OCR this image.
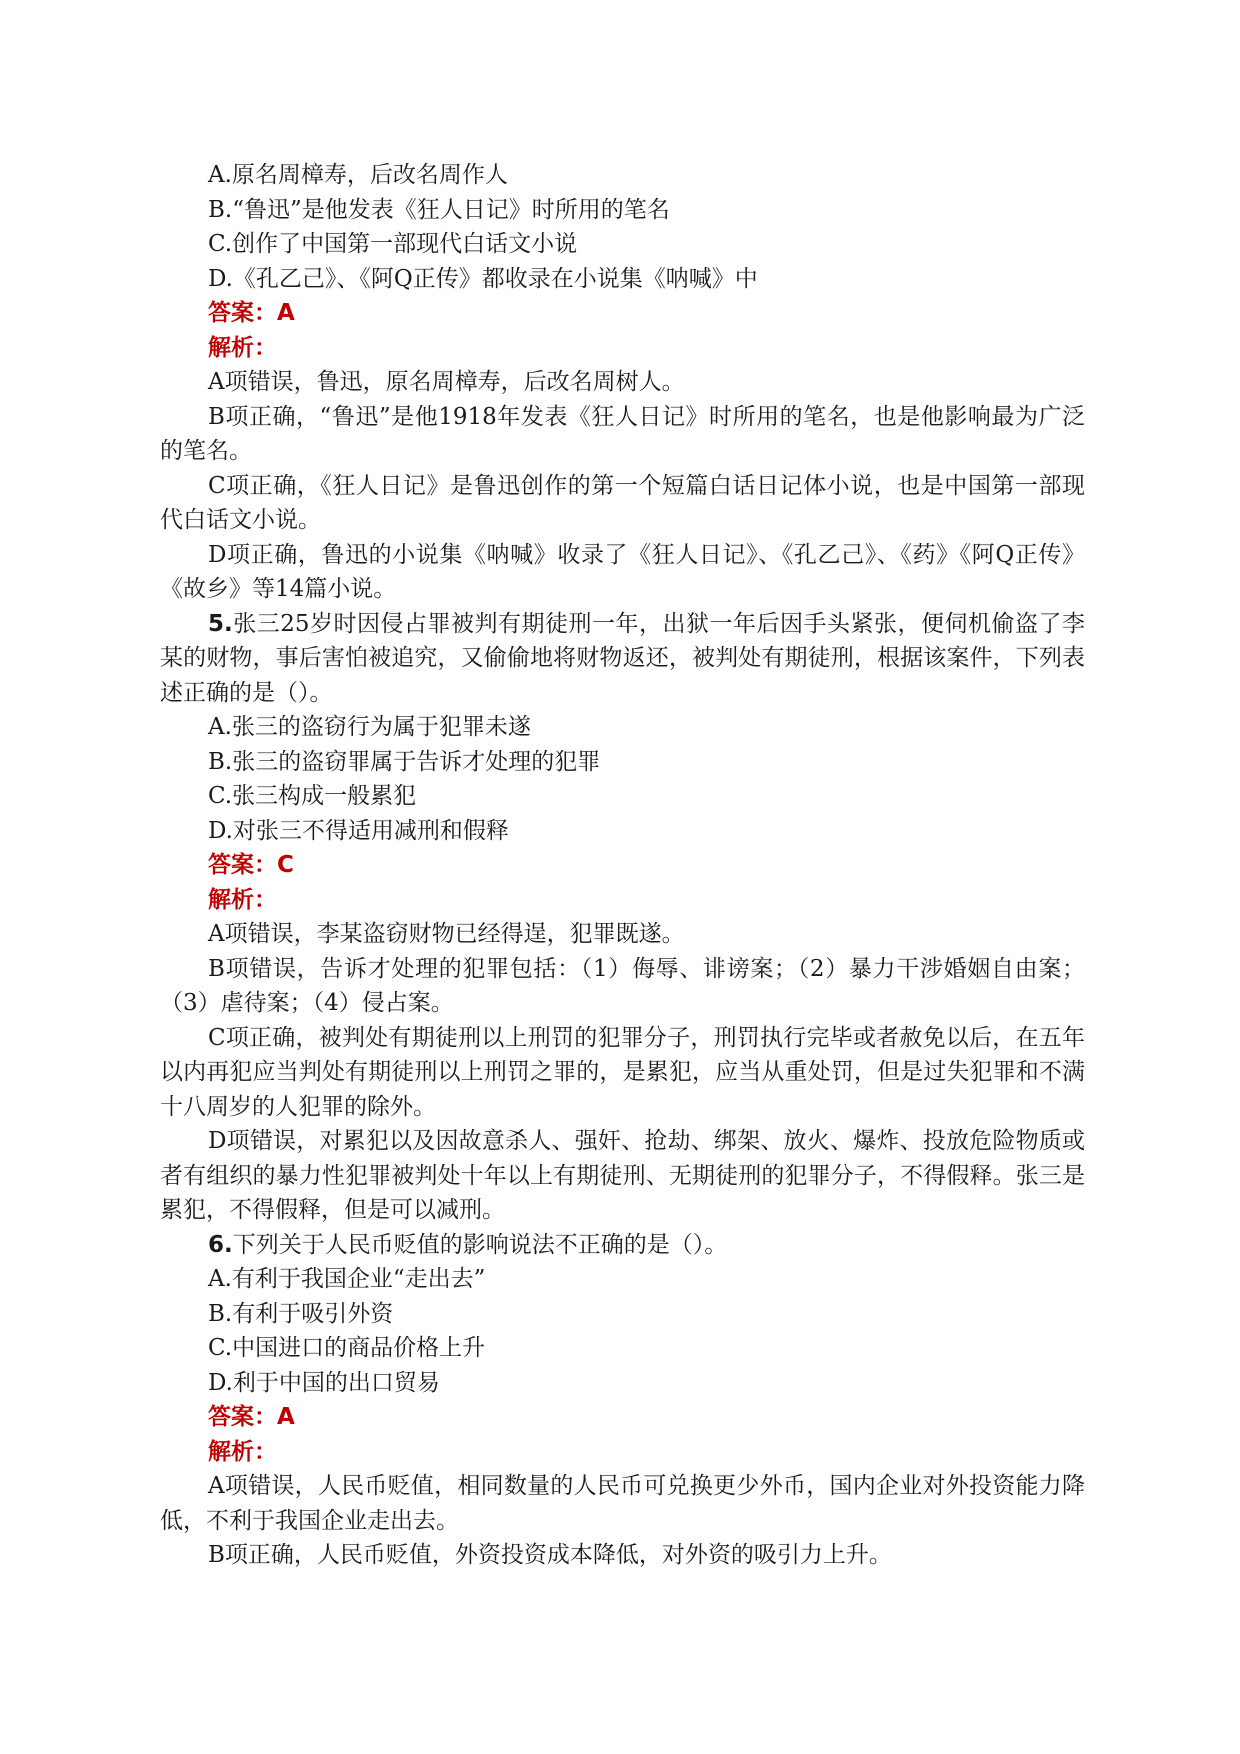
A.原名周樟寿，后改名周作人

B.“鲁迅”是他发表《狂人日记》时所用的笔名

C.创作了中国第一部现代白话文小说

D.《孔乙己》、《阿Q正传》都收录在小说集《呐喊》中

答案：A

解析：

A项错误，鲁迅，原名周樟寿，后改名周树人。

B项正确，“鲁迅”是他1918年发表《狂人日记》时所用的笔名，也是他影响最为广泛的笔名。

C项正确，《狂人日记》是鲁迅创作的第一个短篇白话日记体小说，也是中国第一部现代白话文小说。

D项正确，鲁迅的小说集《呐喊》收录了《狂人日记》、《孔乙己》、《药》《阿Q正传》《故乡》等14篇小说。

5.张三25岁时因侵占罪被判有期徒刑一年，出狱一年后因手头紧张，便伺机偷盗了李某的财物，事后害怕被追究，又偷偷地将财物返还，被判处有期徒刑，根据该案件，下列表述正确的是（）。

A.张三的盗窃行为属于犯罪未遂

B.张三的盗窃罪属于告诉才处理的犯罪

C.张三构成一般累犯

D.对张三不得适用减刑和假释

答案：C

解析：

A项错误，李某盗窃财物已经得逞，犯罪既遂。

B项错误，告诉才处理的犯罪包括：（1）侮辱、诽谤案；（2）暴力干涉婚姻自由案；（3）虐待案；（4）侵占案。

C项正确，被判处有期徒刑以上刑罚的犯罪分子，刑罚执行完毕或者赦免以后，在五年以内再犯应当判处有期徒刑以上刑罚之罪的，是累犯，应当从重处罚，但是过失犯罪和不满十八周岁的人犯罪的除外。

D项错误，对累犯以及因故意杀人、强奸、抢劫、绑架、放火、爆炸、投放危险物质或者有组织的暴力性犯罪被判处十年以上有期徒刑、无期徒刑的犯罪分子，不得假释。张三是累犯，不得假释，但是可以减刑。

6.下列关于人民币贬值的影响说法不正确的是（）。

A.有利于我国企业“走出去”

B.有利于吸引外资

C.中国进口的商品价格上升

D.利于中国的出口贸易

答案：A

解析：

A项错误，人民币贬值，相同数量的人民币可兑换更少外币，国内企业对外投资能力降低，不利于我国企业走出去。

B项正确，人民币贬值，外资投资成本降低，对外资的吸引力上升。
